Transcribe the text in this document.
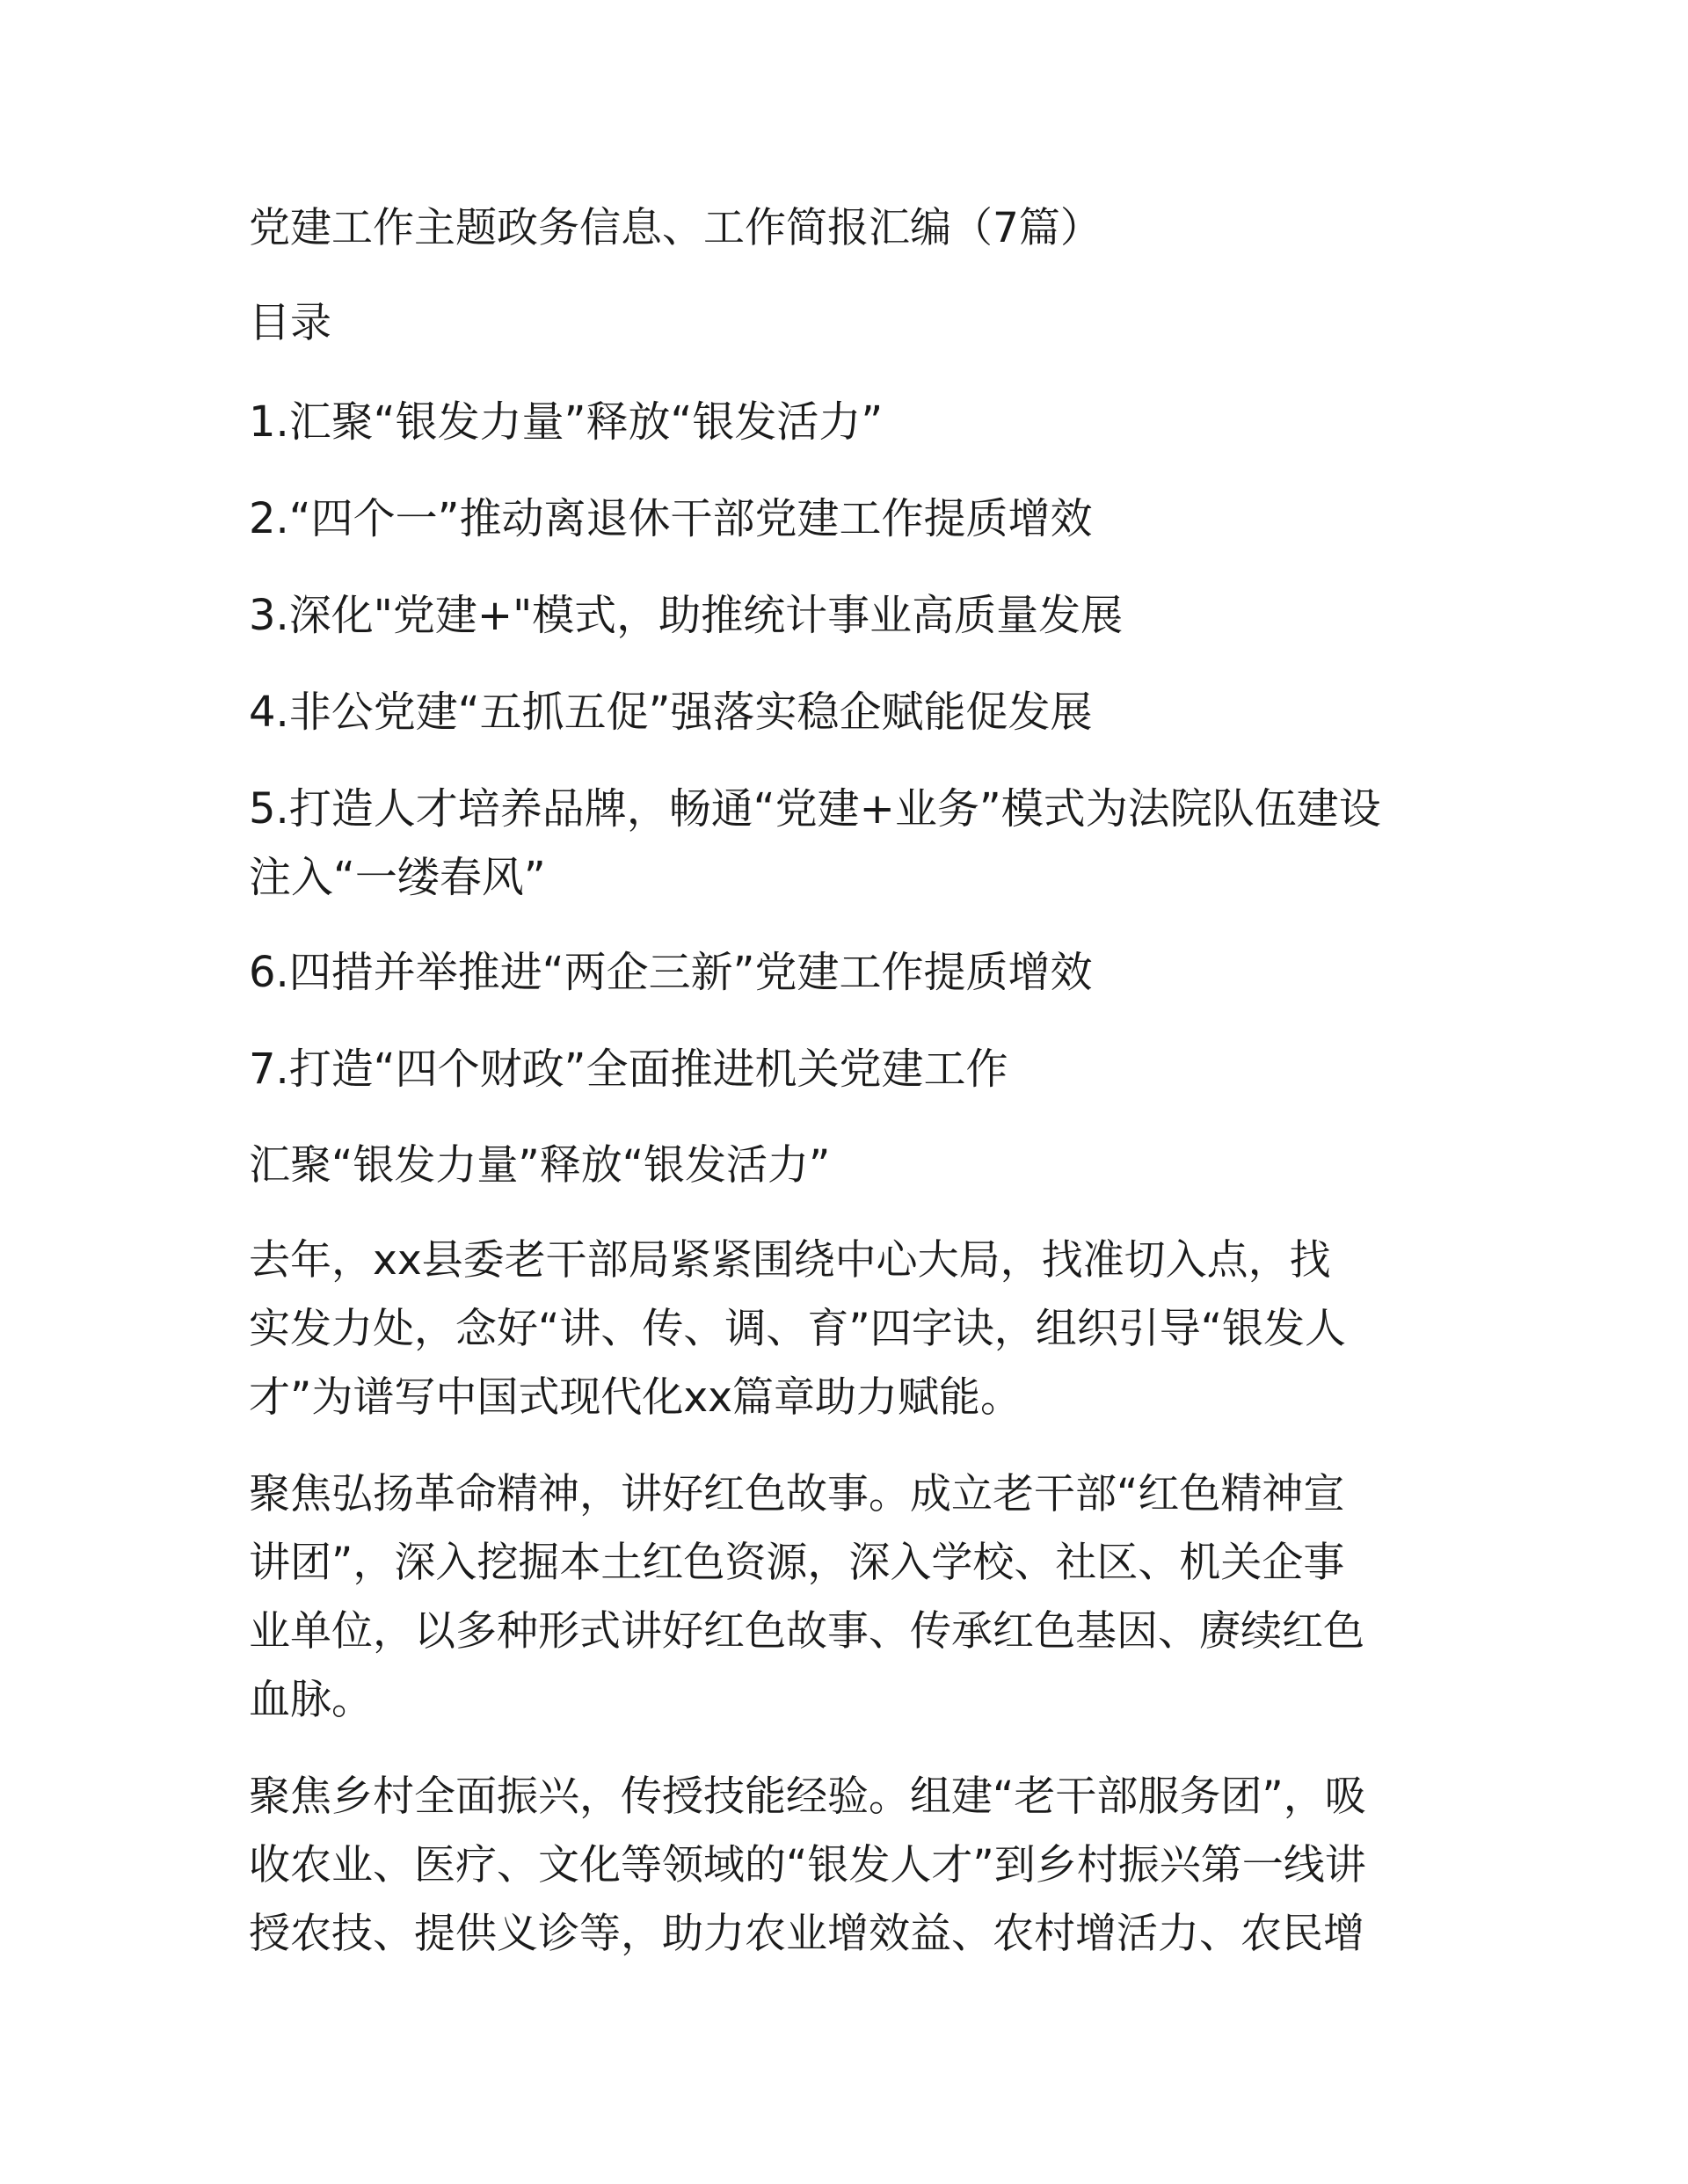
党建工作主题政务信息、工作简报汇编（7篇）

目录

1.汇聚“银发力量”释放“银发活力”

2.“四个一”推动离退休干部党建工作提质增效

3.深化"党建+"模式，助推统计事业高质量发展

4.非公党建“五抓五促”强落实稳企赋能促发展

5.打造人才培养品牌，畅通“党建+业务”模式为法院队伍建设

注入“一缕春风”

6.四措并举推进“两企三新”党建工作提质增效

7.打造“四个财政”全面推进机关党建工作

汇聚“银发力量”释放“银发活力”

去年，xx县委老干部局紧紧围绕中心大局，找准切入点，找

实发力处，念好“讲、传、调、育”四字诀，组织引导“银发人

才”为谱写中国式现代化xx篇章助力赋能。

聚焦弘扬革命精神，讲好红色故事。成立老干部“红色精神宣

讲团”，深入挖掘本土红色资源，深入学校、社区、机关企事

业单位，以多种形式讲好红色故事、传承红色基因、赓续红色

血脉。

聚焦乡村全面振兴，传授技能经验。组建“老干部服务团”，吸

收农业、医疗、文化等领域的“银发人才”到乡村振兴第一线讲

授农技、提供义诊等，助力农业增效益、农村增活力、农民增
